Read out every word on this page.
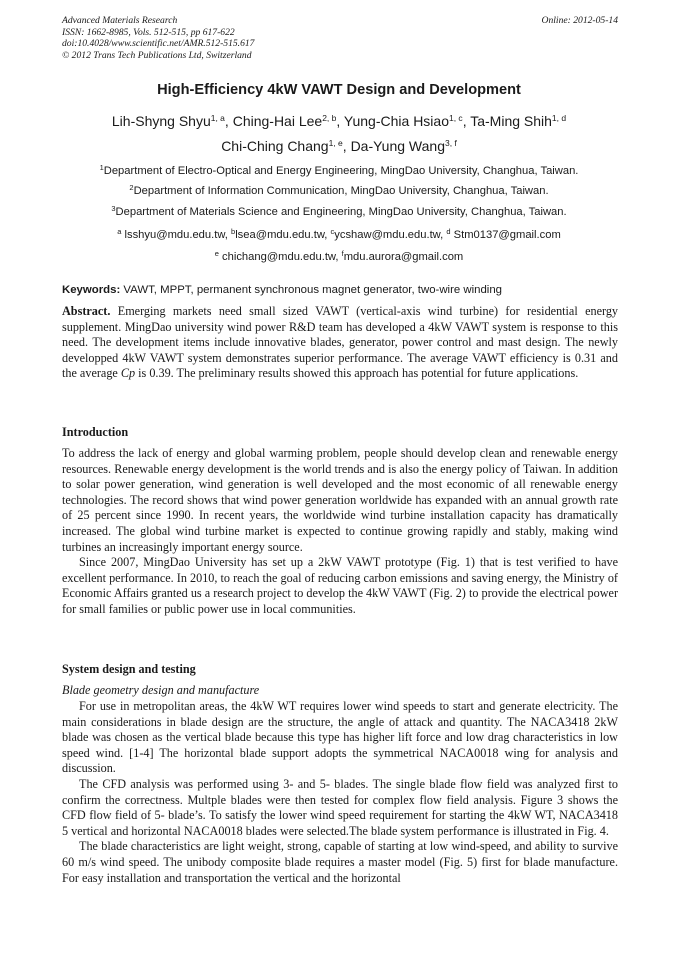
Advanced Materials Research
ISSN: 1662-8985, Vols. 512-515, pp 617-622
doi:10.4028/www.scientific.net/AMR.512-515.617
© 2012 Trans Tech Publications Ltd, Switzerland
Online: 2012-05-14
High-Efficiency 4kW VAWT Design and Development
Lih-Shyng Shyu$^{1, a}$, Ching-Hai Lee$^{2, b}$, Yung-Chia Hsiao$^{1, c}$, Ta-Ming Shih$^{1, d}$
Chi-Ching Chang$^{1, e}$, Da-Yung Wang$^{3, f}$
$^1$Department of Electro-Optical and Energy Engineering, MingDao University, Changhua, Taiwan.
$^2$Department of Information Communication, MingDao University, Changhua, Taiwan.
$^3$Department of Materials Science and Engineering, MingDao University, Changhua, Taiwan.
$^a$ lsshyu@mdu.edu.tw, $^b$lsea@mdu.edu.tw, $^c$ycshaw@mdu.edu.tw, $^d$ Stm0137@gmail.com
$^e$ chichang@mdu.edu.tw, $^f$mdu.aurora@gmail.com
Keywords: VAWT, MPPT, permanent synchronous magnet generator, two-wire winding
Abstract. Emerging markets need small sized VAWT (vertical-axis wind turbine) for residential energy supplement. MingDao university wind power R&D team has developed a 4kW VAWT system is response to this need. The development items include innovative blades, generator, power control and mast design. The newly developped 4kW VAWT system demonstrates superior performance. The average VAWT efficiency is 0.31 and the average Cp is 0.39. The preliminary results showed this approach has potential for future applications.
Introduction

To address the lack of energy and global warming problem, people should develop clean and renewable energy resources. Renewable energy development is the world trends and is also the energy policy of Taiwan. In addition to solar power generation, wind generation is well developed and the most economic of all renewable energy technologies. The record shows that wind power generation worldwide has expanded with an annual growth rate of 25 percent since 1990. In recent years, the worldwide wind turbine installation capacity has dramatically increased. The global wind turbine market is expected to continue growing rapidly and stably, making wind turbines an increasingly important energy source.

Since 2007, MingDao University has set up a 2kW VAWT prototype (Fig. 1) that is test verified to have excellent performance. In 2010, to reach the goal of reducing carbon emissions and saving energy, the Ministry of Economic Affairs granted us a research project to develop the 4kW VAWT (Fig. 2) to provide the electrical power for small families or public power use in local communities.

System design and testing
Blade geometry design and manufacture

For use in metropolitan areas, the 4kW WT requires lower wind speeds to start and generate electricity. The main considerations in blade design are the structure, the angle of attack and quantity. The NACA3418 2kW blade was chosen as the vertical blade because this type has higher lift force and low drag characteristics in low speed wind. [1-4] The horizontal blade support adopts the symmetrical NACA0018 wing for analysis and discussion.

The CFD analysis was performed using 3- and 5- blades. The single blade flow field was analyzed first to confirm the correctness. Multple blades were then tested for complex flow field analysis. Figure 3 shows the CFD flow field of 5- blade’s. To satisfy the lower wind speed requirement for starting the 4kW WT, NACA3418 5 vertical and horizontal NACA0018 blades were selected.The blade system performance is illustrated in Fig. 4.

The blade characteristics are light weight, strong, capable of starting at low wind-speed, and ability to survive 60 m/s wind speed. The unibody composite blade requires a master model (Fig. 5) first for blade manufacture. For easy installation and transportation the vertical and the horizontal
